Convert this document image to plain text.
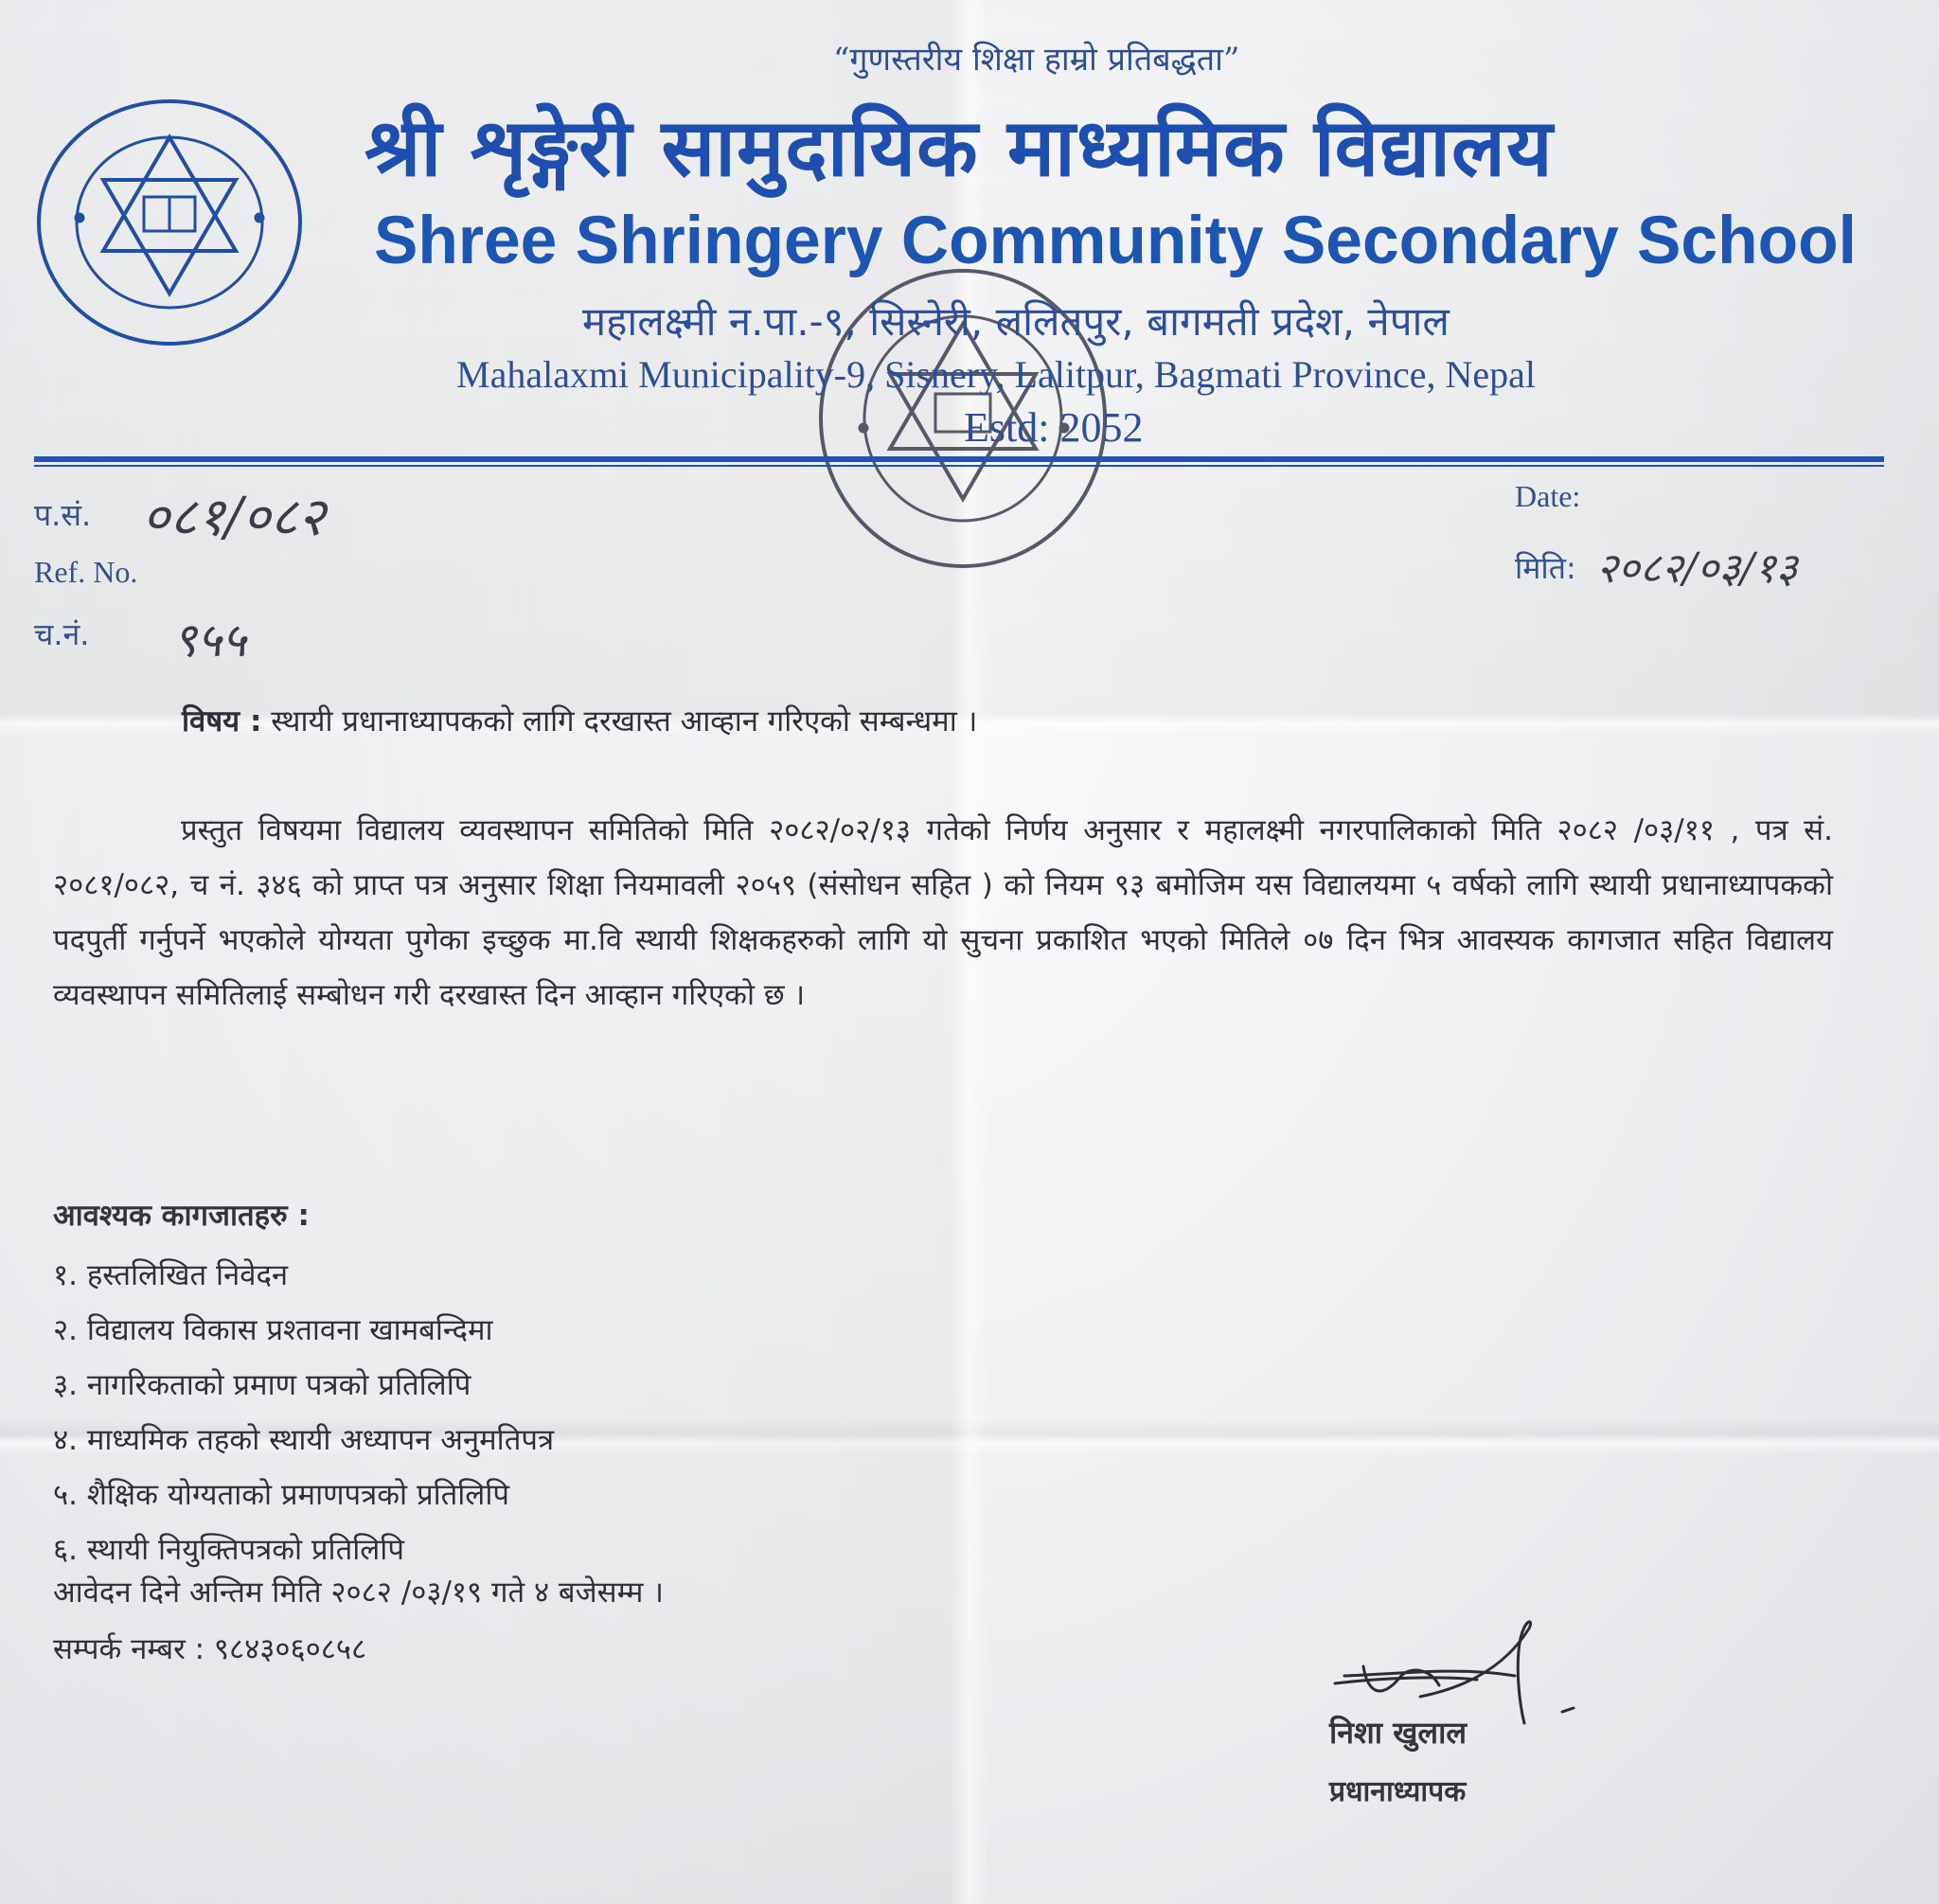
“गुणस्तरीय शिक्षा हाम्रो प्रतिबद्धता”
श्री शृङ्गेरी सामुदायिक माध्यमिक विद्यालय
Shree Shringery Community Secondary School
महालक्ष्मी न.पा.-९, सिस्नेरी, ललितपुर, बागमती प्रदेश, नेपाल
Mahalaxmi Municipality-9, Sisnery, Lalitpur, Bagmati Province, Nepal
Estd: 2052
प.सं. ०८१/०८२
Ref. No.
च.नं. ९५५
Date:
मिति: २०८२/०३/१३
विषय : स्थायी प्रधानाध्यापकको लागि दरखास्त आव्हान गरिएको सम्बन्धमा ।
प्रस्तुत विषयमा विद्यालय व्यवस्थापन समितिको मिति २०८२/०२/१३ गतेको निर्णय अनुसार र महालक्ष्मी नगरपालिकाको मिति २०८२ /०३/११ , पत्र सं. २०८१/०८२, च नं. ३४६ को प्राप्त पत्र अनुसार शिक्षा नियमावली २०५९ (संसोधन सहित ) को नियम ९३ बमोजिम यस विद्यालयमा ५ वर्षको लागि स्थायी प्रधानाध्यापकको पदपुर्ती गर्नुपर्ने भएकोले योग्यता पुगेका इच्छुक मा.वि स्थायी शिक्षकहरुको लागि यो सुचना प्रकाशित भएको मितिले ०७ दिन भित्र आवस्यक कागजात सहित विद्यालय व्यवस्थापन समितिलाई सम्बोधन गरी दरखास्त दिन आव्हान गरिएको छ ।
आवश्यक कागजातहरु :
१. हस्तलिखित निवेदन
२. विद्यालय विकास प्रश्तावना खामबन्दिमा
३. नागरिकताको प्रमाण पत्रको प्रतिलिपि
४. माध्यमिक तहको स्थायी अध्यापन अनुमतिपत्र
५. शैक्षिक योग्यताको प्रमाणपत्रको प्रतिलिपि
६. स्थायी नियुक्तिपत्रको प्रतिलिपि
आवेदन दिने अन्तिम मिति २०८२ /०३/१९ गते ४ बजेसम्म ।
सम्पर्क नम्बर : ९८४३०६०८५८
निशा खुलाल
प्रधानाध्यापक
